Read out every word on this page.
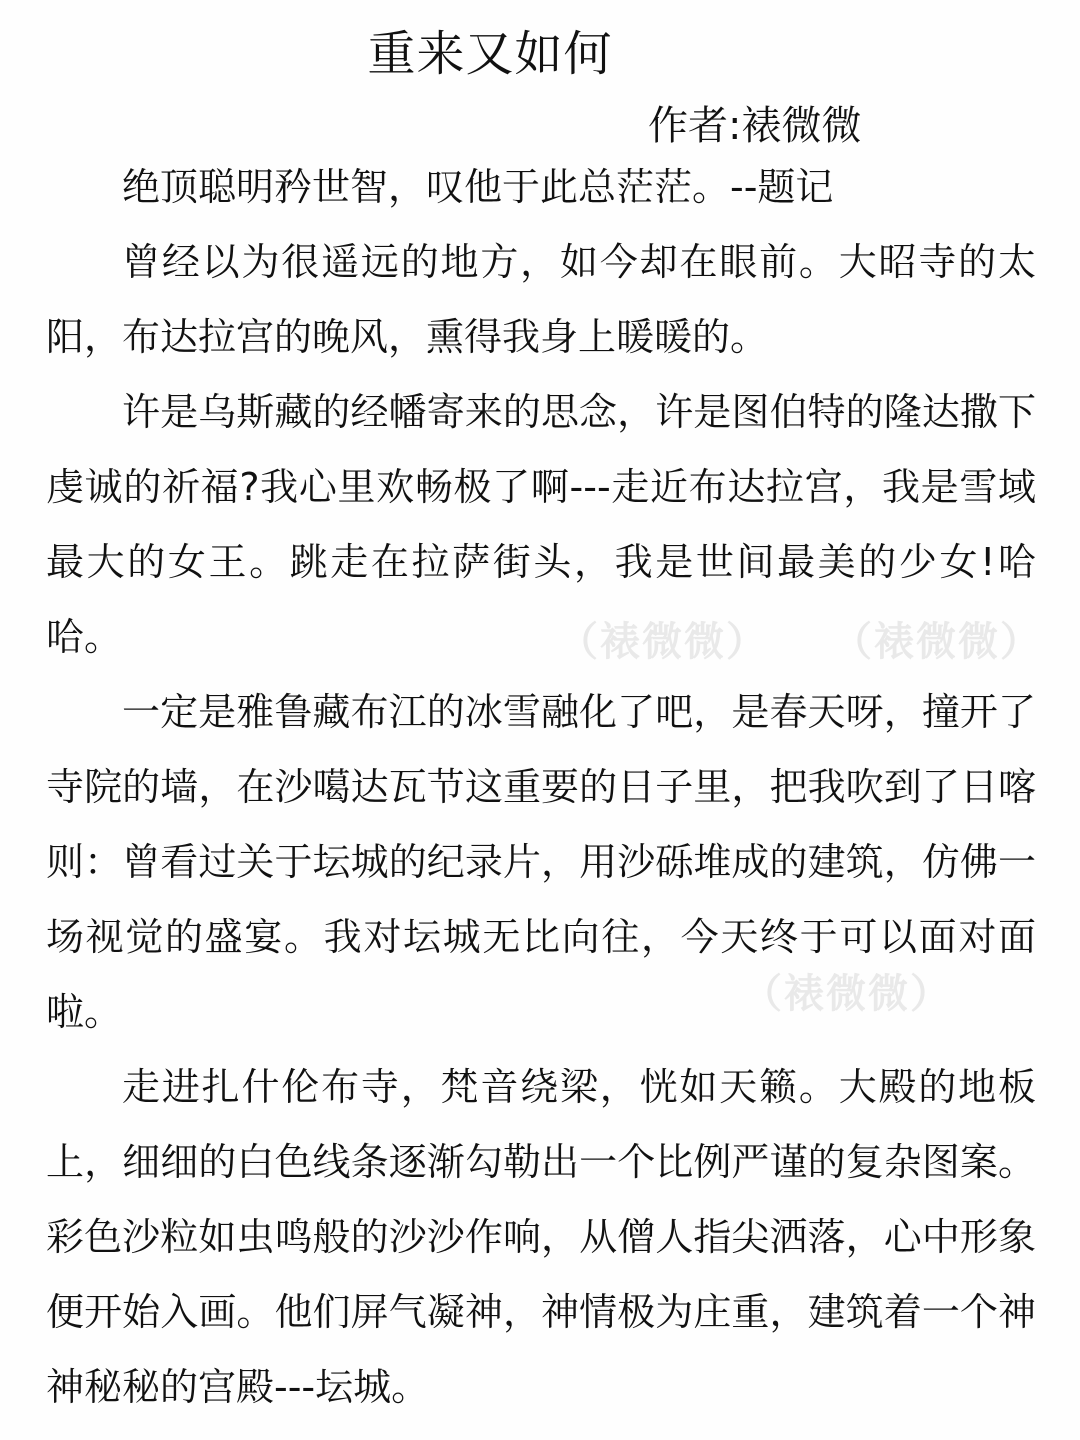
重来又如何
作者:裱微微

绝顶聪明矜世智，叹他于此总茫茫。--题记

曾经以为很遥远的地方，如今却在眼前。大昭寺的太阳，布达拉宫的晚风，熏得我身上暖暖的。

许是乌斯藏的经幡寄来的思念，许是图伯特的隆达撒下虔诚的祈福?我心里欢畅极了啊---走近布达拉宫，我是雪域最大的女王。跳走在拉萨街头，我是世间最美的少女!哈哈。

一定是雅鲁藏布江的冰雪融化了吧，是春天呀，撞开了寺院的墙，在沙噶达瓦节这重要的日子里，把我吹到了日喀则：曾看过关于坛城的纪录片，用沙砾堆成的建筑，仿佛一场视觉的盛宴。我对坛城无比向往，今天终于可以面对面啦。

走进扎什伦布寺，梵音绕梁，恍如天籁。大殿的地板上，细细的白色线条逐渐勾勒出一个比例严谨的复杂图案。彩色沙粒如虫鸣般的沙沙作响，从僧人指尖洒落，心中形象便开始入画。他们屏气凝神，神情极为庄重，建筑着一个神神秘秘的宫殿---坛城。

（裱微微） （裱微微）
（裱微微）
